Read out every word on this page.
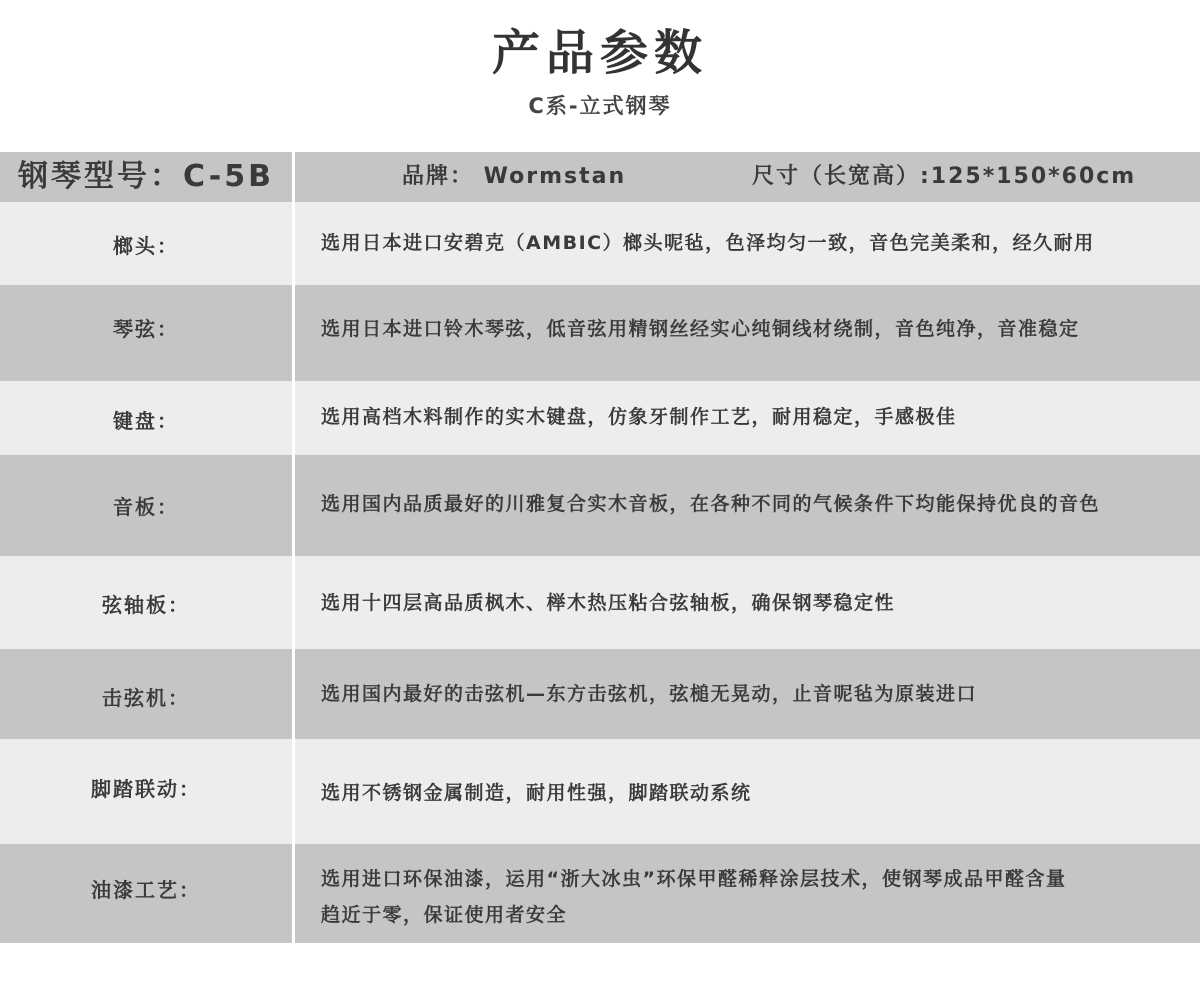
产品参数
C系-立式钢琴
钢琴型号：C-5B	品牌： Wormstan	尺寸（长宽高）:125*150*60cm
榔头：	选用日本进口安碧克（AMBIC）榔头呢毡，色泽均匀一致，音色完美柔和，经久耐用
琴弦：	选用日本进口铃木琴弦，低音弦用精钢丝经实心纯铜线材绕制，音色纯净，音准稳定
键盘：	选用高档木料制作的实木键盘，仿象牙制作工艺，耐用稳定，手感极佳
音板：	选用国内品质最好的川雅复合实木音板，在各种不同的气候条件下均能保持优良的音色
弦轴板：	选用十四层高品质枫木、榉木热压粘合弦轴板，确保钢琴稳定性
击弦机：	选用国内最好的击弦机—东方击弦机，弦槌无晃动，止音呢毡为原装进口
脚踏联动：	选用不锈钢金属制造，耐用性强，脚踏联动系统
油漆工艺：	选用进口环保油漆，运用“浙大冰虫”环保甲醛稀释涂层技术，使钢琴成品甲醛含量
趋近于零，保证使用者安全
